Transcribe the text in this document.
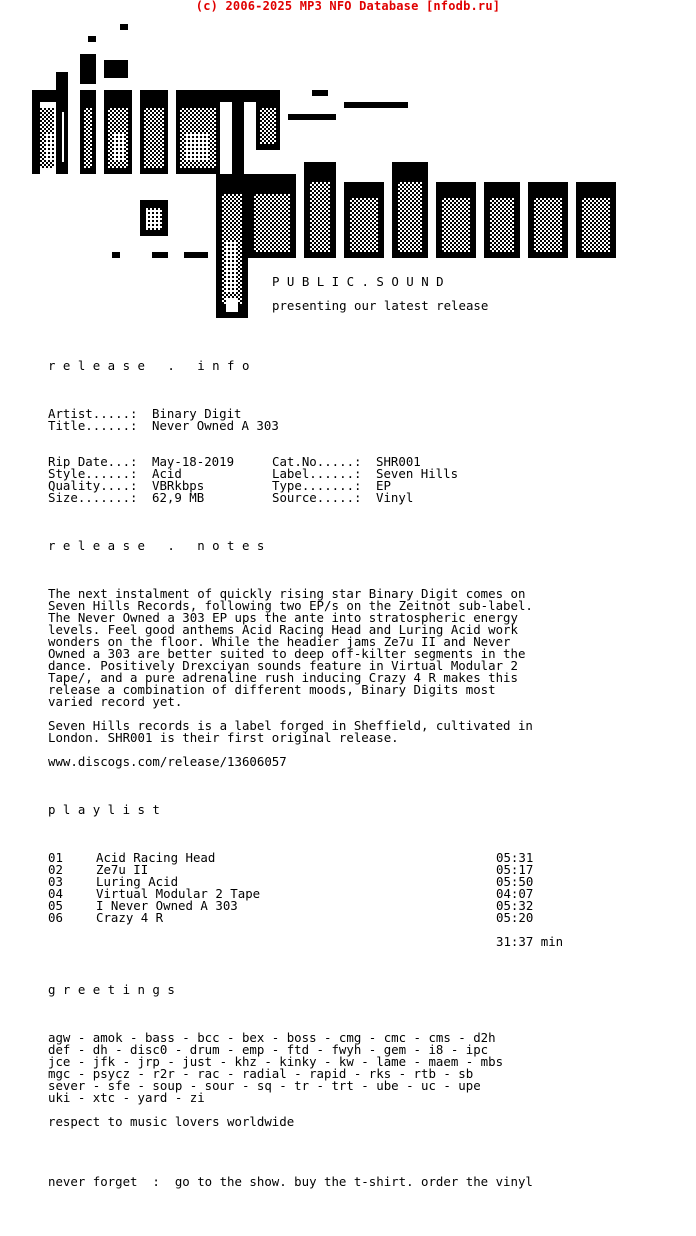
(c) 2006-2025 MP3 NFO Database [nfodb.ru]
P U B L I C . S O U N D
presenting our latest release
r e l e a s e   .   i n f o
Artist.....: Binary Digit
Title......: Never Owned A 303
Rip Date...: May-18-2019	Cat.No.....: SHR001
Style......: Acid	Label......: Seven Hills
Quality....: VBRkbps	Type.......: EP
Size.......: 62,9 MB	Source.....: Vinyl
r e l e a s e   .   n o t e s
The next instalment of quickly rising star Binary Digit comes on
Seven Hills Records, following two EP/s on the Zeitnot sub-label.
The Never Owned a 303 EP ups the ante into stratospheric energy
levels. Feel good anthems Acid Racing Head and Luring Acid work
wonders on the floor. While the headier jams Ze7u II and Never
Owned a 303 are better suited to deep off-kilter segments in the
dance. Positively Drexciyan sounds feature in Virtual Modular 2
Tape/, and a pure adrenaline rush inducing Crazy 4 R makes this
release a combination of different moods, Binary Digits most
varied record yet.
Seven Hills records is a label forged in Sheffield, cultivated in
London. SHR001 is their first original release.
www.discogs.com/release/13606057
p l a y l i s t
01	Acid Racing Head	05:31
02	Ze7u II	05:17
03	Luring Acid	05:50
04	Virtual Modular 2 Tape	04:07
05	I Never Owned A 303	05:32
06	Crazy 4 R	05:20
31:37 min
g r e e t i n g s
agw - amok - bass - bcc - bex - boss - cmg - cmc - cms - d2h
def - dh - disc0 - drum - emp - ftd - fwyh - gem - i8 - ipc
jce - jfk - jrp - just - khz - kinky - kw - lame - maem - mbs
mgc - psycz - r2r - rac - radial - rapid - rks - rtb - sb
sever - sfe - soup - sour - sq - tr - trt - ube - uc - upe
uki - xtc - yard - zi
respect to music lovers worldwide
never forget  :  go to the show. buy the t-shirt. order the vinyl
